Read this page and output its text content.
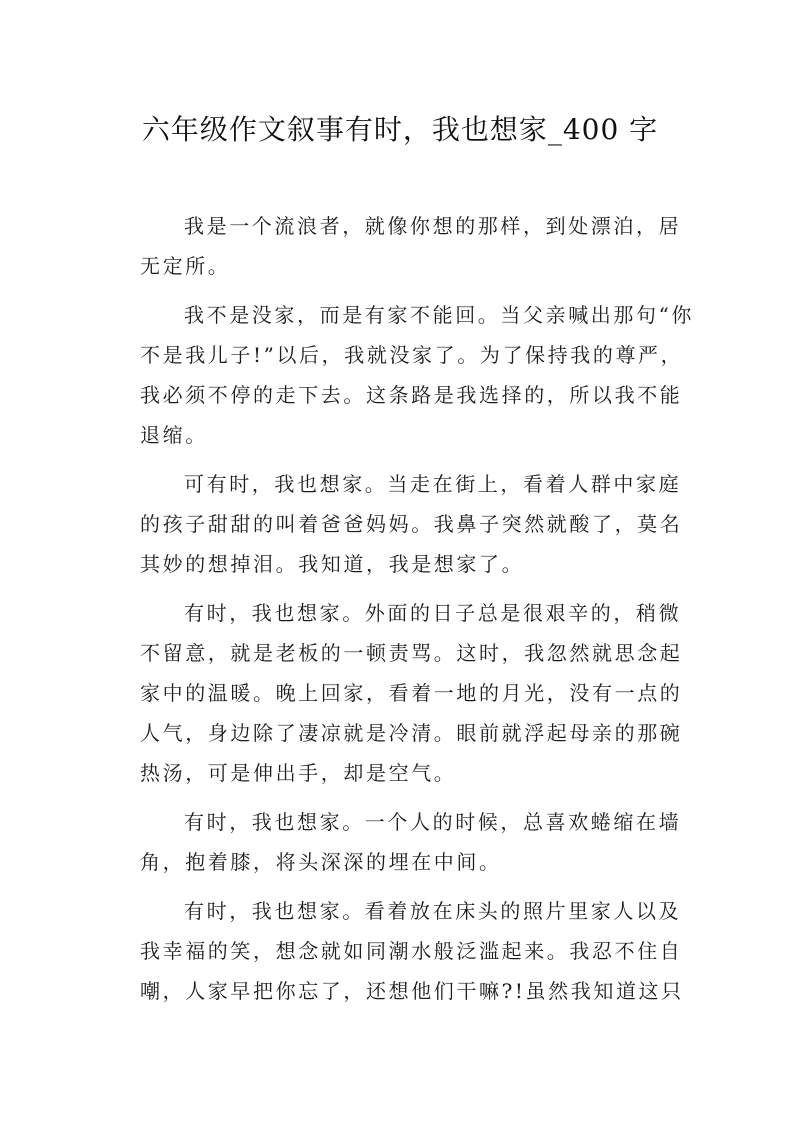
六年级作文叙事有时，我也想家_400 字

我是一个流浪者，就像你想的那样，到处漂泊，居
无定所。

我不是没家，而是有家不能回。当父亲喊出那句“你
不是我儿子!”以后，我就没家了。为了保持我的尊严，
我必须不停的走下去。这条路是我选择的，所以我不能
退缩。

可有时，我也想家。当走在街上，看着人群中家庭
的孩子甜甜的叫着爸爸妈妈。我鼻子突然就酸了，莫名
其妙的想掉泪。我知道，我是想家了。

有时，我也想家。外面的日子总是很艰辛的，稍微
不留意，就是老板的一顿责骂。这时，我忽然就思念起
家中的温暖。晚上回家，看着一地的月光，没有一点的
人气，身边除了凄凉就是冷清。眼前就浮起母亲的那碗
热汤，可是伸出手，却是空气。

有时，我也想家。一个人的时候，总喜欢蜷缩在墙
角，抱着膝，将头深深的埋在中间。

有时，我也想家。看着放在床头的照片里家人以及
我幸福的笑，想念就如同潮水般泛滥起来。我忍不住自
嘲，人家早把你忘了，还想他们干嘛?!虽然我知道这只
